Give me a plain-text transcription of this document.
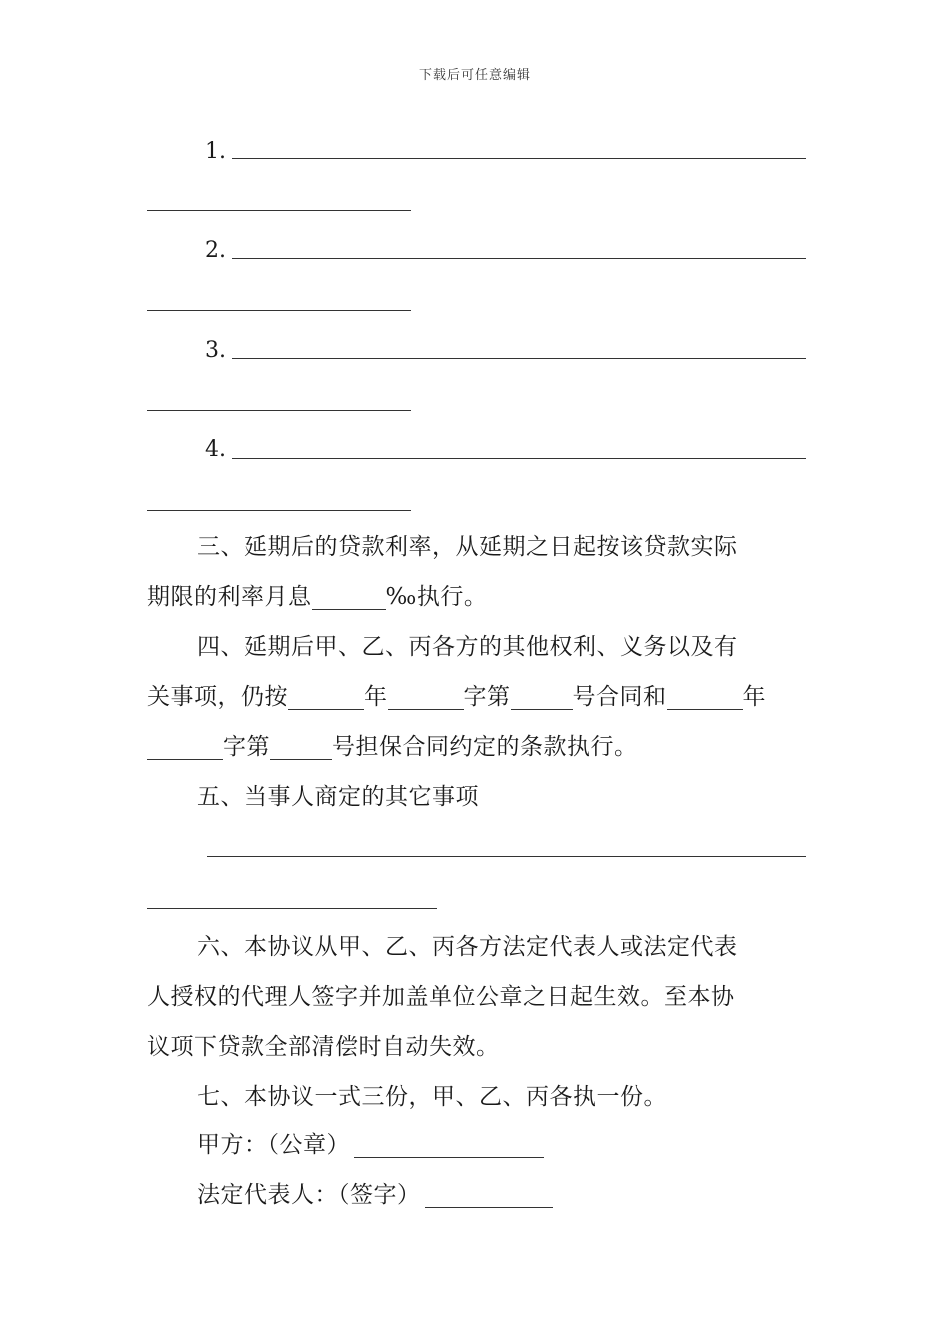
下载后可任意编辑
1.
2.
3.
4.
三、延期后的贷款利率，从延期之日起按该贷款实际
期限的利率月息	‰执行。
四、延期后甲、乙、丙各方的其他权利、义务以及有
关事项，仍按	年	字第	号合同和	年
字第	号担保合同约定的条款执行。
五、当事人商定的其它事项
六、本协议从甲、乙、丙各方法定代表人或法定代表
人授权的代理人签字并加盖单位公章之日起生效。至本协
议项下贷款全部清偿时自动失效。
七、本协议一式三份，甲、乙、丙各执一份。
甲方：（公章）
法定代表人：（签字）
